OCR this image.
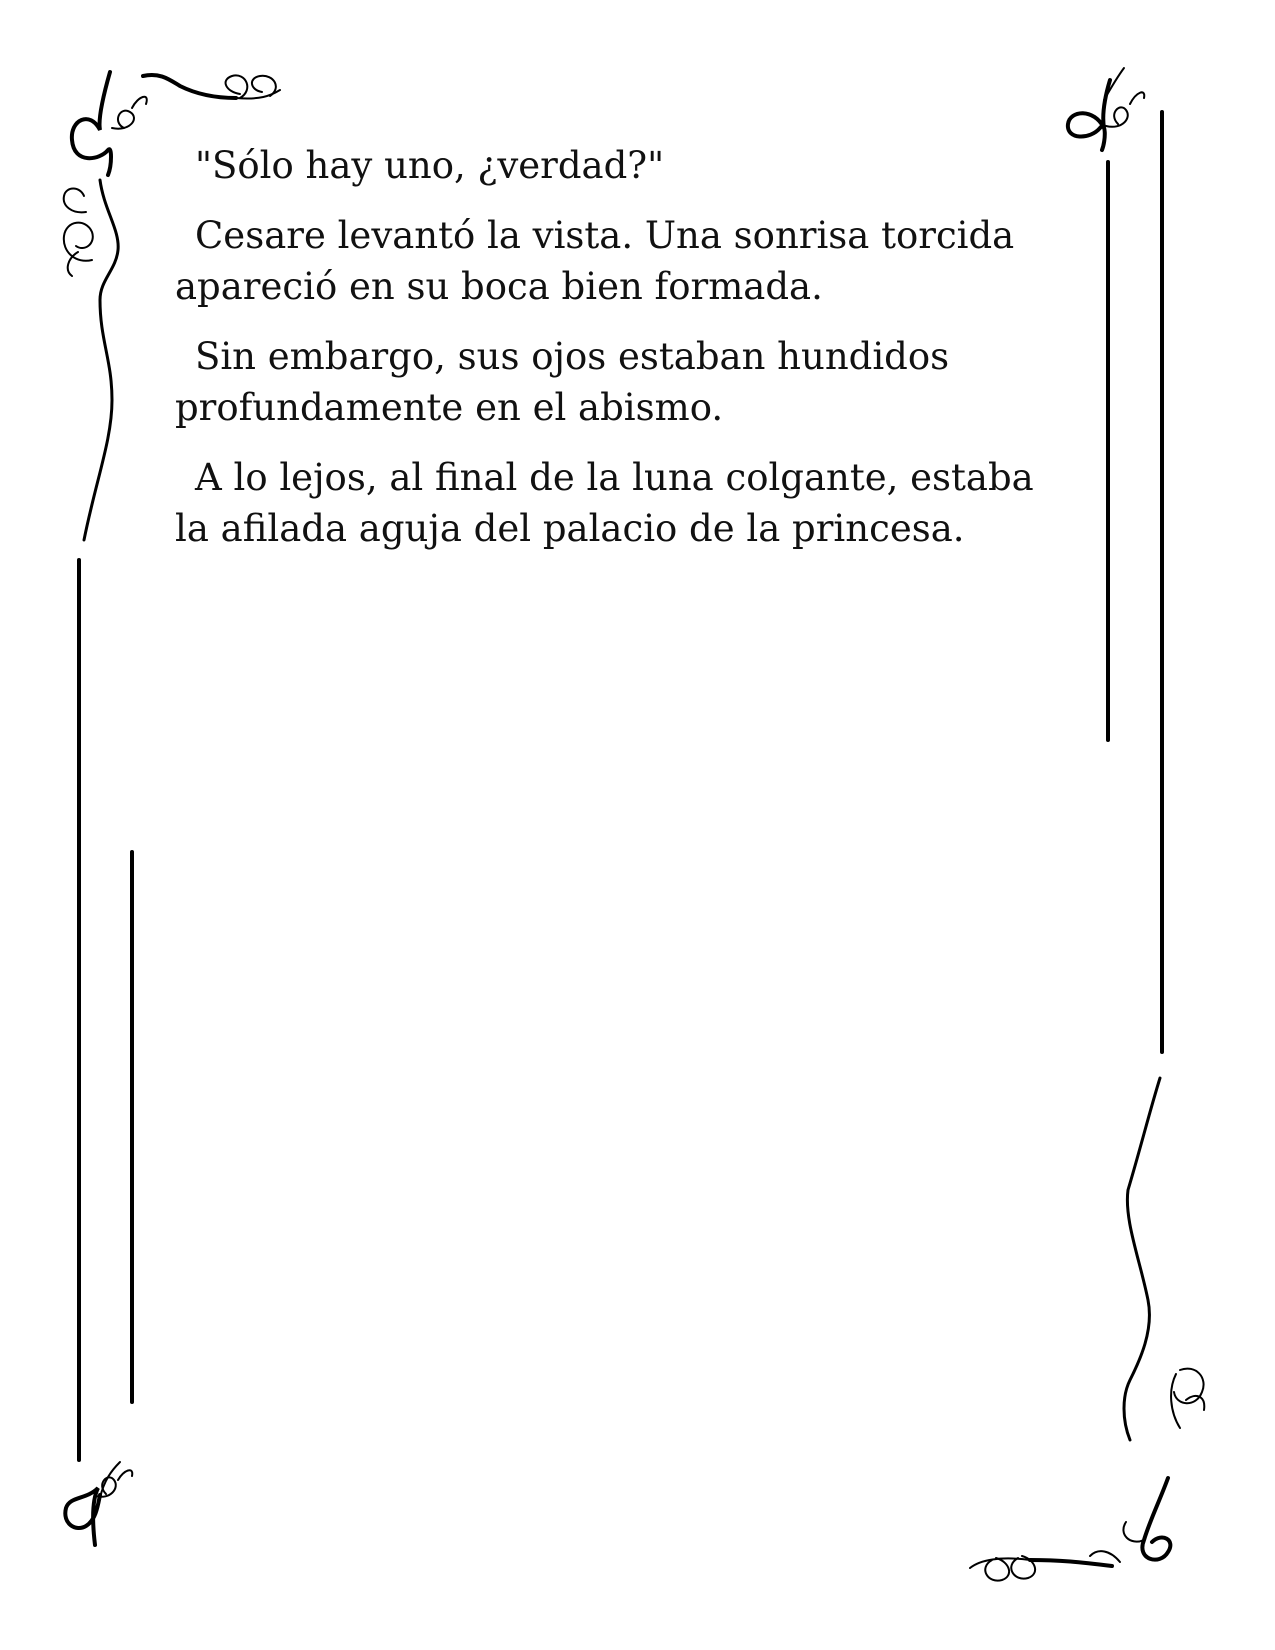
"Sólo hay uno, ¿verdad?"

Cesare levantó la vista. Una sonrisa torcida apareció en su boca bien formada.

Sin embargo, sus ojos estaban hundidos profundamente en el abismo.

A lo lejos, al final de la luna colgante, estaba la afilada aguja del palacio de la princesa.
